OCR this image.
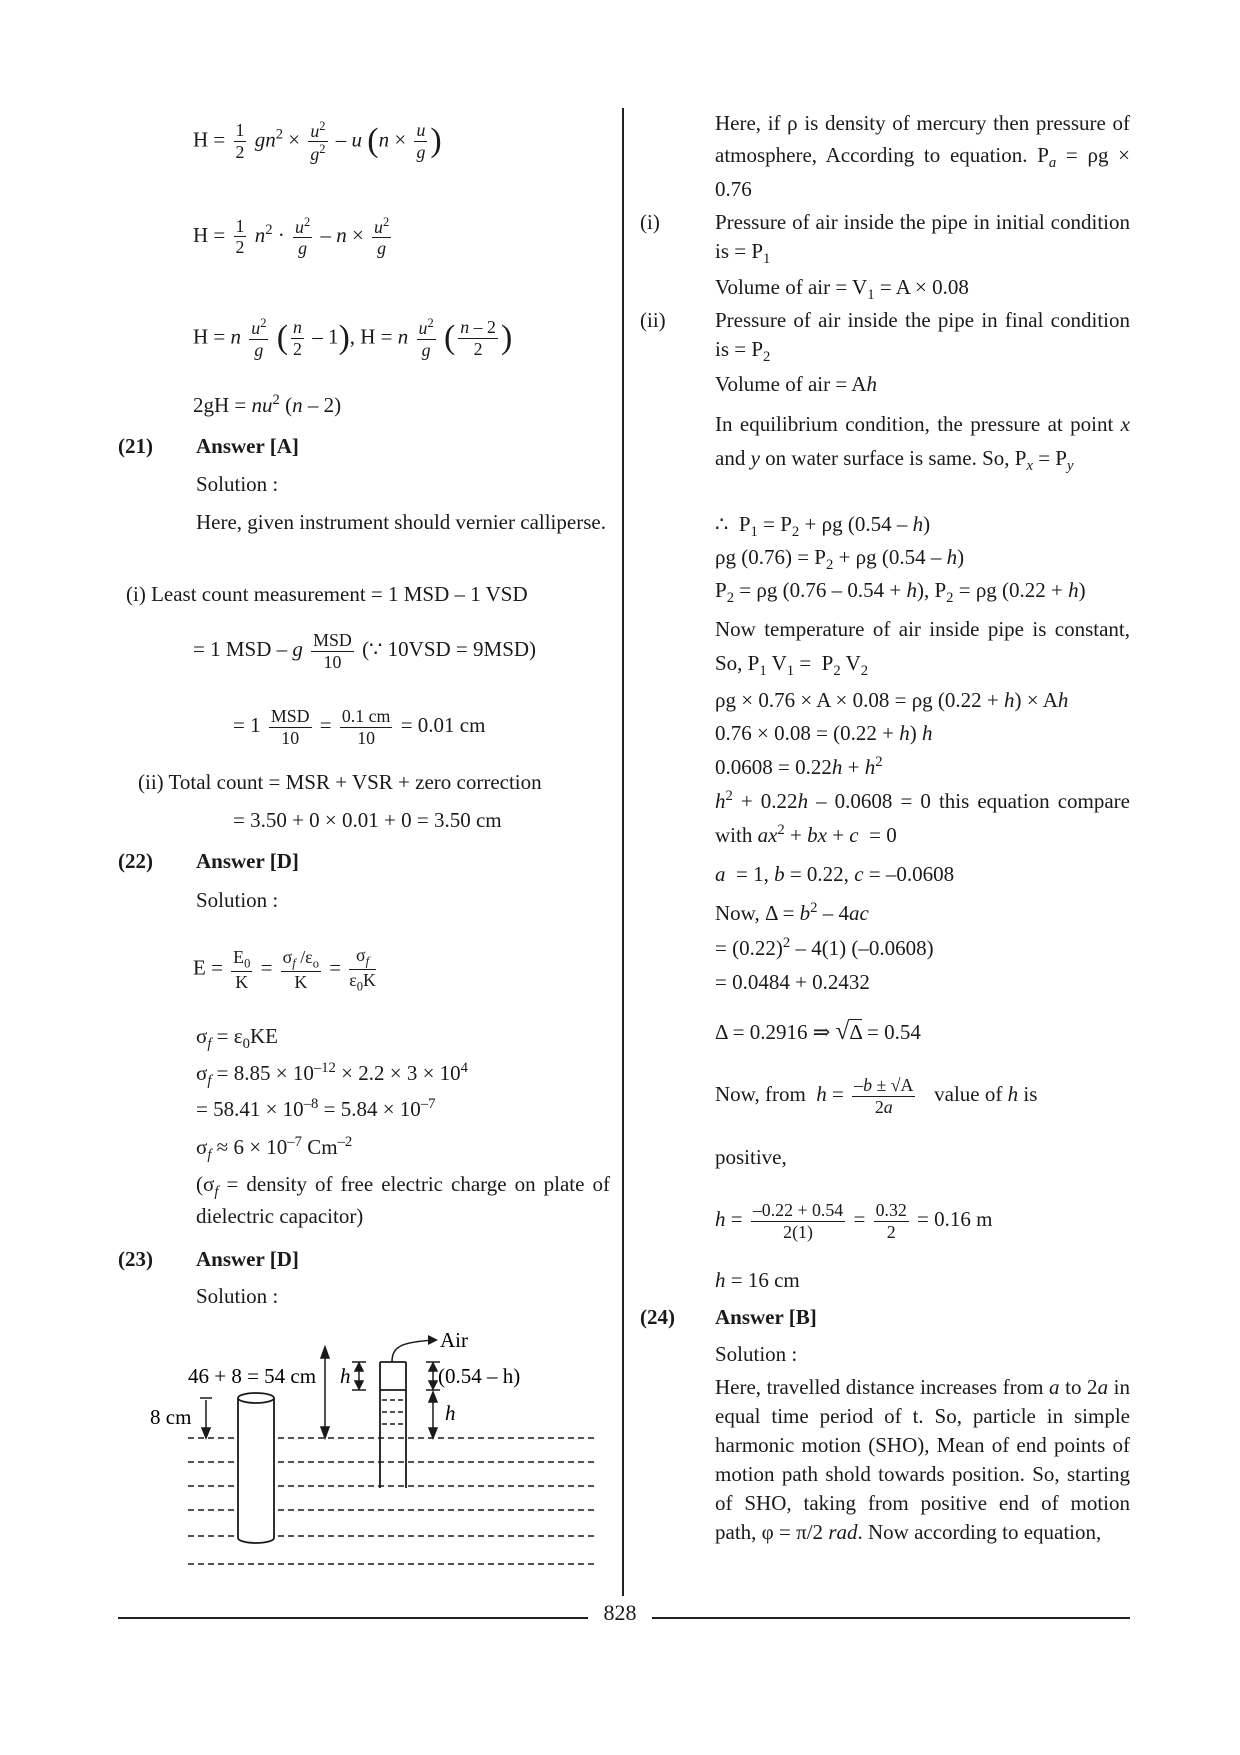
$H = \frac{1}{2} gn^2 \times \frac{u^2}{g^2} - u$ ($n \times \frac{u}{g}$ )
$H = \frac{1}{2} n^2 \cdot \frac{u^2}{g} - n \times \frac{u^2}{g}$
H = n $\frac{u^2}{g}$ ( $\frac{n}{2} - 1$), H = n $\frac{u^2}{g}$ ( $\frac{n - 2}{2}$ )
$2gH = nu^2$ (n – 2)
(21) Answer [A]
Solution :
Here, given instrument should vernier calliperse.
(i) Least count measurement = 1 MSD – 1 VSD
= 1 MSD – g $\frac{\text{MSD}}{10}$ (∵ 10VSD = 9MSD)
= $1 \frac{\text{MSD}}{10} = \frac{0.1 cm}{10} = 0.01$ cm
(ii) Total count = MSR + VSR + zero correction
= 3.50 + 0 × 0.01 + 0 = 3.50 cm
(22) Answer [D]
Solution :
$E = \frac{E_0}{K} = \frac{\sigma_f /\varepsilon_o}{K} = \frac{\sigma_f}{\varepsilon_0K}$
$\sigma_f = \varepsilon_0KE$
$\sigma_f = 8.85 \times 10^{-12} \times 2.2 \times 3 \times 10^4$
= $58.41 \times 10^{-8} = 5.84 \times 10^{-7}$
$\sigma_f \approx 6 \times 10^{-7}$ $Cm^{-2}$
($\sigma_f$ = density of free electric charge on plate of dielectric capacitor)
(23) Answer [D]
Solution :
8 cm
46 + 8 = 54 cm h
Air
(0.54 – h)
h
Here, if ρ is density of mercury then pressure of atmosphere, According to equation. $P_a = \rho g \times 0.76$
(i)	Pressure of air inside the pipe in initial condition is = $P_1$
Volume of air = $V_1 = A \times 0.08$
(ii) Pressure of air inside the pipe in final condition is = $P_2$
Volume of air = Ah
In equilibrium condition, the pressure at point x and y on water surface is same. So, $P_x = P_y$
∴  $P_1 = P_2 + \rho g$ (0.54 – h)
ρg $(0.76) = P_2 + \rho g$ (0.54 – h)
$P_2 = \rho g$ (0.76 – 0.54 + h), $P_2 = \rho g$ (0.22 + h)
Now temperature of air inside pipe is constant, So, $P_1$ $V_1 = P_2$ $V_2$
ρg × 0.76 × A × 0.08 = ρg (0.22 + h) × Ah
0.76 × 0.08 = (0.22 + h) h
$0.0608 = 0.22h + h^2$
$h^2 + 0.22h - 0.0608 = 0$ this equation compare with $ax^2$ + bx + c  = 0
a  = 1, b = 0.22, c = –0.0608
Now, $\Delta = b^2 - 4ac$
= $(0.22)^2 - 4(1)$ (–0.0608)
= 0.0484 + 0.2432
Δ = 0.2916 ⇒ √Δ = 0.54
Now, from  $h = \frac{-b \pm √A}{2a}$ value of h is
positive,
$h = \frac{-0.22 + 0.54}{2(1)} = \frac{0.32}{2} = 0.16$ m
h = 16 cm
(24) Answer [B]
Solution :
Here, travelled distance increases from a to 2a in equal time period of t. So, particle in simple harmonic motion (SHO), Mean of end points of motion path shold towards position. So, starting of SHO, taking from positive end of motion path, φ = π/2 rad. Now according to equation,
828
